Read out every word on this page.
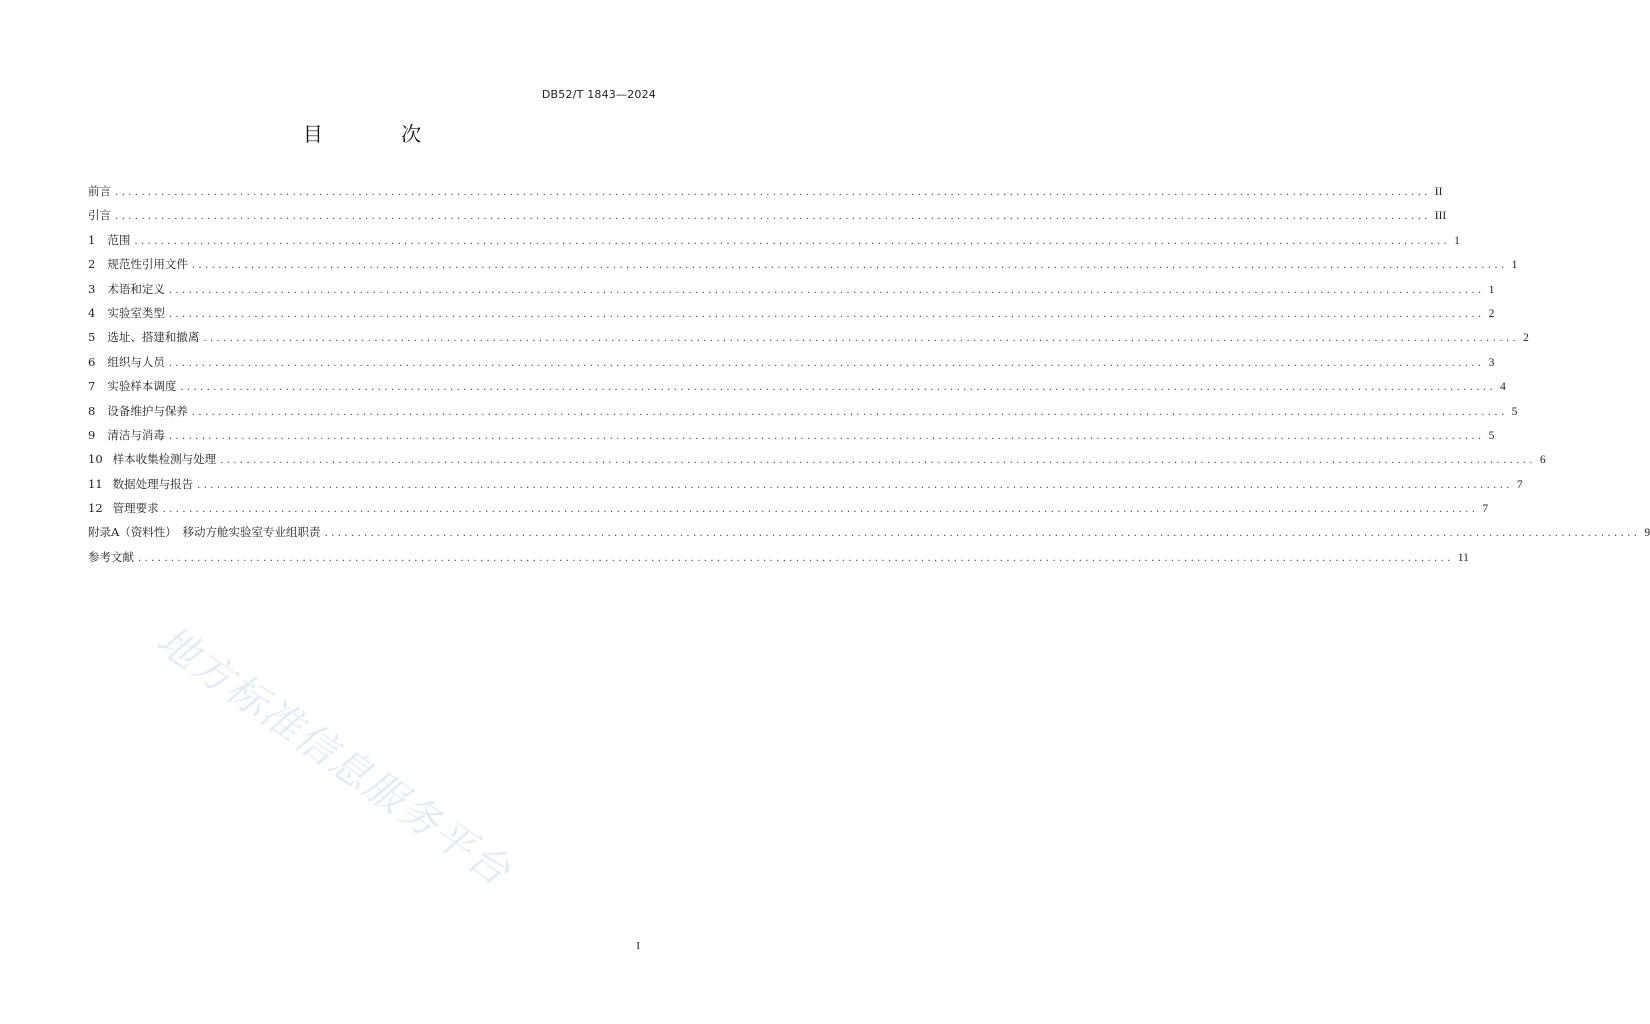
DB52/T 1843—2024
目 次
前言 ........................................................................................................................................................................................................ II
引言 ........................................................................................................................................................................................................ III
1 范围 ........................................................................................................................................................................................................ 1
2 规范性引用文件 ........................................................................................................................................................................................................ 1
3 术语和定义 ........................................................................................................................................................................................................ 1
4 实验室类型 ........................................................................................................................................................................................................ 2
5 选址、搭建和撤离 ........................................................................................................................................................................................................ 2
6 组织与人员 ........................................................................................................................................................................................................ 3
7 实验样本调度 ........................................................................................................................................................................................................ 4
8 设备维护与保养 ........................................................................................................................................................................................................ 5
9 清洁与消毒 ........................................................................................................................................................................................................ 5
10 样本收集检测与处理 ........................................................................................................................................................................................................ 6
11 数据处理与报告 ........................................................................................................................................................................................................ 7
12 管理要求 ........................................................................................................................................................................................................ 7
附录A（资料性）　移动方舱实验室专业组职责 ........................................................................................................................................................................................................ 9
参考文献 ........................................................................................................................................................................................................ 11
地方标准信息服务平台
I
